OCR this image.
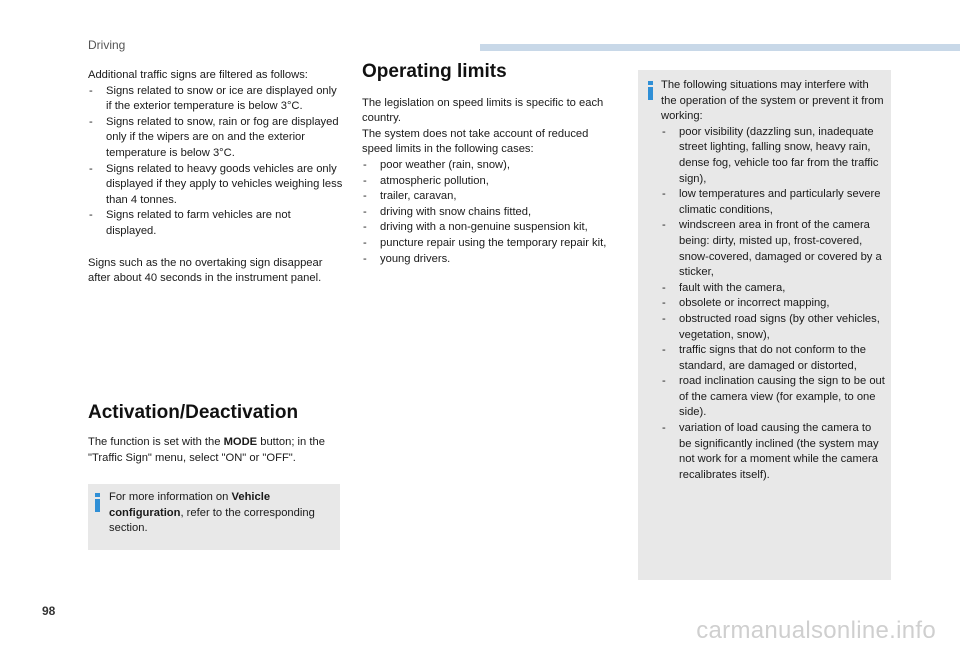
Driving

Additional traffic signs are filtered as follows:

- Signs related to snow or ice are displayed only if the exterior temperature is below 3°C.
- Signs related to snow, rain or fog are displayed only if the wipers are on and the exterior temperature is below 3°C.
- Signs related to heavy goods vehicles are only displayed if they apply to vehicles weighing less than 4 tonnes.
- Signs related to farm vehicles are not displayed.

Signs such as the no overtaking sign disappear after about 40 seconds in the instrument panel.

Activation/Deactivation

The function is set with the MODE button; in the "Traffic Sign" menu, select "ON" or "OFF".

For more information on Vehicle configuration, refer to the corresponding section.

Operating limits

The legislation on speed limits is specific to each country.

The system does not take account of reduced speed limits in the following cases:

- poor weather (rain, snow),
- atmospheric pollution,
- trailer, caravan,
- driving with snow chains fitted,
- driving with a non-genuine suspension kit,
- puncture repair using the temporary repair kit,
- young drivers.

The following situations may interfere with the operation of the system or prevent it from working:

- poor visibility (dazzling sun, inadequate street lighting, falling snow, heavy rain, dense fog, vehicle too far from the traffic sign),
- low temperatures and particularly severe climatic conditions,
- windscreen area in front of the camera being: dirty, misted up, frost-covered, snow-covered, damaged or covered by a sticker,
- fault with the camera,
- obsolete or incorrect mapping,
- obstructed road signs (by other vehicles, vegetation, snow),
- traffic signs that do not conform to the standard, are damaged or distorted,
- road inclination causing the sign to be out of the camera view (for example, to one side).
- variation of load causing the camera to be significantly inclined (the system may not work for a moment while the camera recalibrates itself).
98
carmanualsonline.info
